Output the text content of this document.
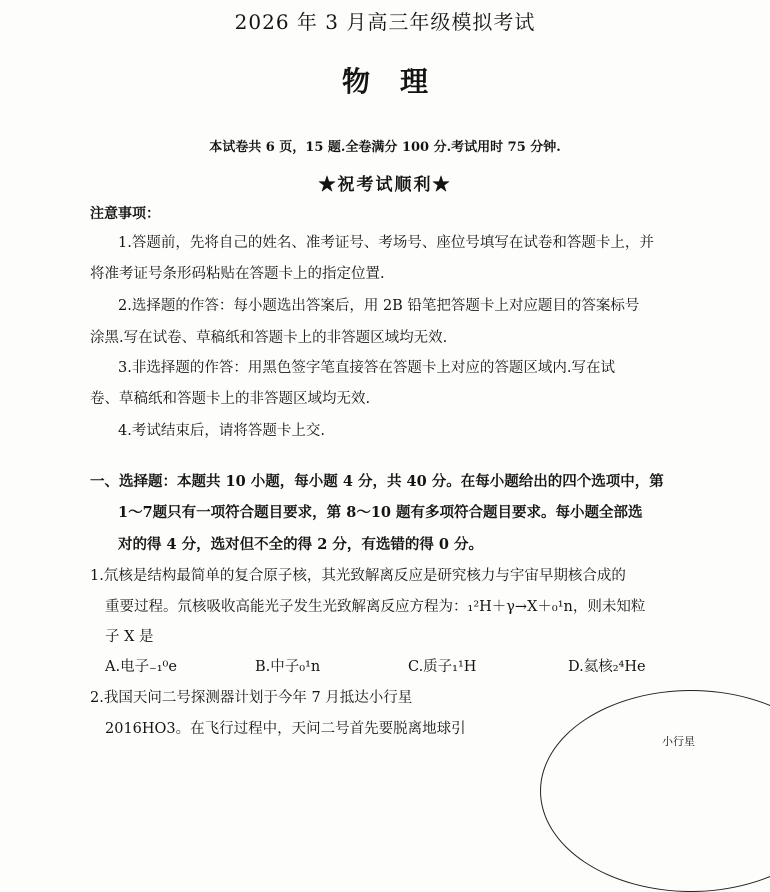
2026 年 3 月高三年级模拟考试
物理
本试卷共 6 页，15 题.全卷满分 100 分.考试用时 75 分钟.
★祝考试顺利★
注意事项：
1.答题前，先将自己的姓名、准考证号、考场号、座位号填写在试卷和答题卡上，并
将准考证号条形码粘贴在答题卡上的指定位置.
2.选择题的作答：每小题选出答案后，用 2B 铅笔把答题卡上对应题目的答案标号
涂黑.写在试卷、草稿纸和答题卡上的非答题区域均无效.
3.非选择题的作答：用黑色签字笔直接答在答题卡上对应的答题区域内.写在试
卷、草稿纸和答题卡上的非答题区域均无效.
4.考试结束后，请将答题卡上交.
一、选择题：本题共 10 小题，每小题 4 分，共 40 分。在每小题给出的四个选项中，第
1～7题只有一项符合题目要求，第 8～10 题有多项符合题目要求。每小题全部选
对的得 4 分，选对但不全的得 2 分，有选错的得 0 分。
1.氘核是结构最简单的复合原子核，其光致解离反应是研究核力与宇宙早期核合成的
重要过程。氘核吸收高能光子发生光致解离反应方程为：₁²H＋γ→X＋₀¹n，则未知粒
子 X 是
A.电子₋₁⁰e	B.中子₀¹n	C.质子₁¹H	D.氦核₂⁴He
2.我国天问二号探测器计划于今年 7 月抵达小行星
2016HO3。在飞行过程中，天问二号首先要脱离地球引
小行星
